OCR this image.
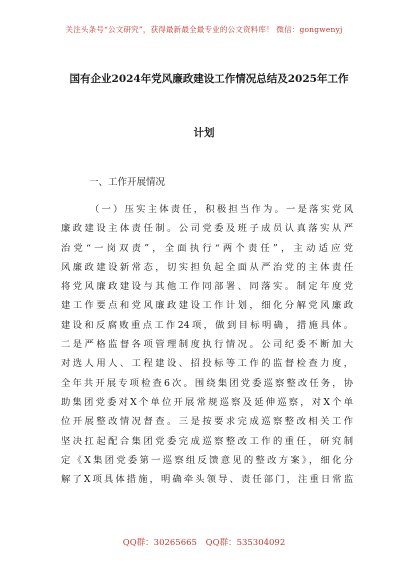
关注头条号“公文研究”，获得最新最全最专业的公文资料库！ 微信：gongwenyj
国有企业2024年党风廉政建设工作情况总结及2025年工作
计划
一、工作开展情况
（一）压实主体责任，积极担当作为。一是落实党风
廉政建设主体责任制。公司党委及班子成员认真落实从严
治党“一岗双责”，全面执行“两个责任”，主动适应党
风廉政建设新常态，切实担负起全面从严治党的主体责任
将党风廉政建设与其他工作同部署、同落实。制定年度党
建工作要点和党风廉政建设工作计划，细化分解党风廉政
建设和反腐败重点工作24项，做到目标明确，措施具体。
二是严格监督各项管理制度执行情况。公司纪委不断加大
对选人用人、工程建设、招投标等工作的监督检查力度，
全年共开展专项检查6次。围绕集团党委巡察整改任务，协
助集团党委对X个单位开展常规巡察及延伸巡察，对X个单
位开展整改情况督查。三是按要求完成巡察整改相关工作
坚决扛起配合集团党委完成巡察整改工作的重任，研究制
定《X集团党委第一巡察组反馈意见的整改方案》，细化分
解了X项具体措施，明确牵头领导、责任部门，注重日常监
QQ群：30265665 QQ群：535304092
